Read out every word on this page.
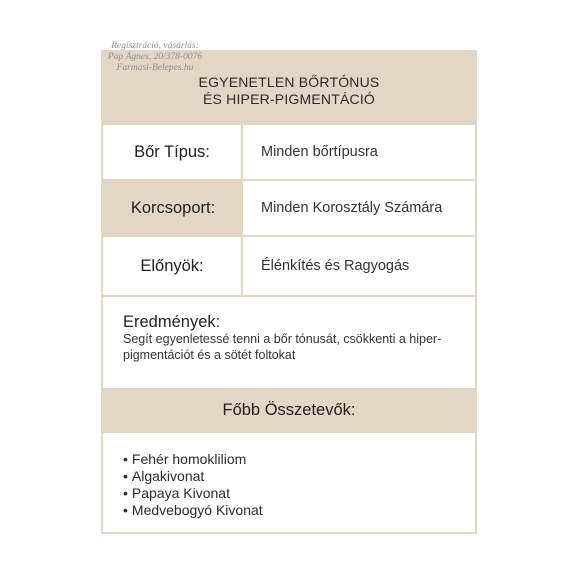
Regisztráció, vásárlás:
Pap Ágnes, 20/378-0076
Farmasi-Belepes.hu
EGYENETLEN BŐRTÓNUS
ÉS HIPER-PIGMENTÁCIÓ
Bőr Típus:	Minden bőrtípusra
Korcsoport:	Minden Korosztály Számára
Előnyök:	Élénkítés és Ragyogás
Eredmények:
Segít egyenletessé tenni a bőr tónusát, csökkenti a hiper-pigmentációt és a sötét foltokat
Főbb Összetevők:
• Fehér homokliliom
• Algakivonat
• Papaya Kivonat
• Medvebogyó Kivonat
